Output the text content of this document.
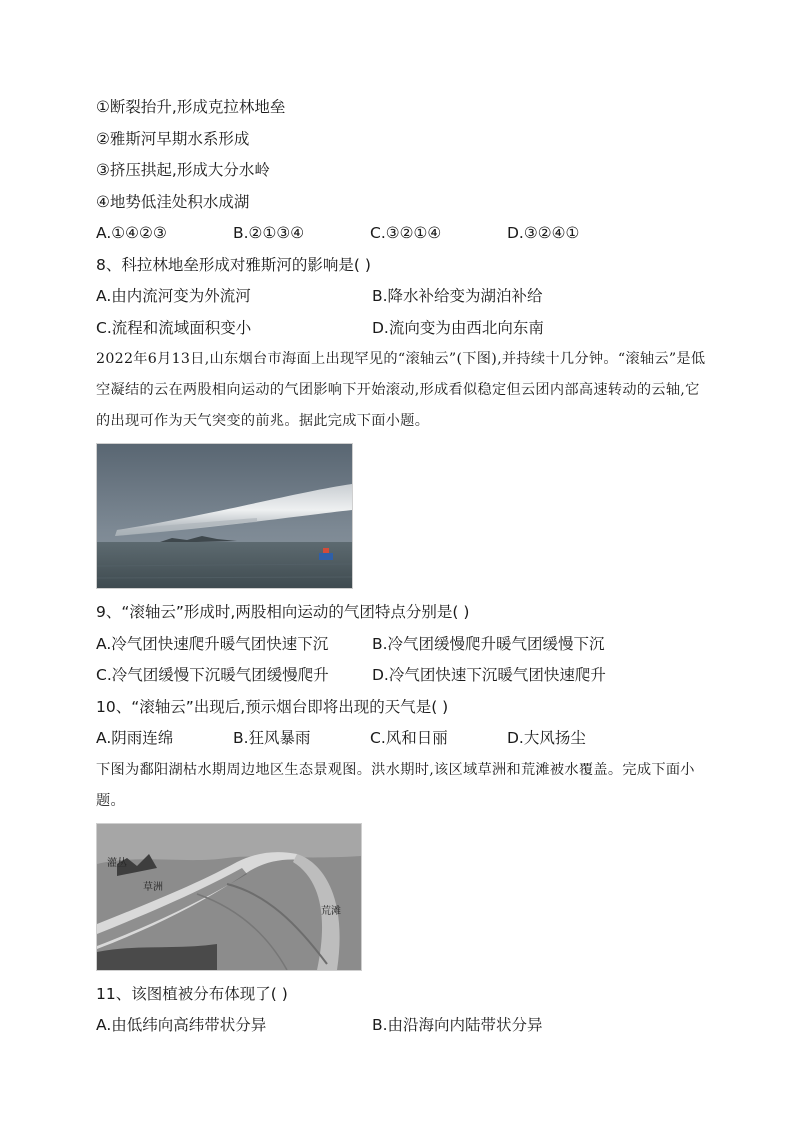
①断裂抬升,形成克拉林地垒
②雅斯河早期水系形成
③挤压拱起,形成大分水岭
④地势低洼处积水成湖
A.①④②③	B.②①③④	C.③②①④	D.③②④①
8、科拉林地垒形成对雅斯河的影响是( )
A.由内流河变为外流河	B.降水补给变为湖泊补给
C.流程和流域面积变小	D.流向变为由西北向东南
2022年6月13日,山东烟台市海面上出现罕见的“滚轴云”(下图),并持续十几分钟。“滚轴云”是低空凝结的云在两股相向运动的气团影响下开始滚动,形成看似稳定但云团内部高速转动的云轴,它的出现可作为天气突变的前兆。据此完成下面小题。
9、“滚轴云”形成时,两股相向运动的气团特点分别是( )
A.冷气团快速爬升暖气团快速下沉	B.冷气团缓慢爬升暖气团缓慢下沉
C.冷气团缓慢下沉暖气团缓慢爬升	D.冷气团快速下沉暖气团快速爬升
10、“滚轴云”出现后,预示烟台即将出现的天气是( )
A.阴雨连绵	B.狂风暴雨	C.风和日丽	D.大风扬尘
下图为鄱阳湖枯水期周边地区生态景观图。洪水期时,该区域草洲和荒滩被水覆盖。完成下面小题。
灌丛
草洲
荒滩
11、该图植被分布体现了( )
A.由低纬向高纬带状分异	B.由沿海向内陆带状分异
